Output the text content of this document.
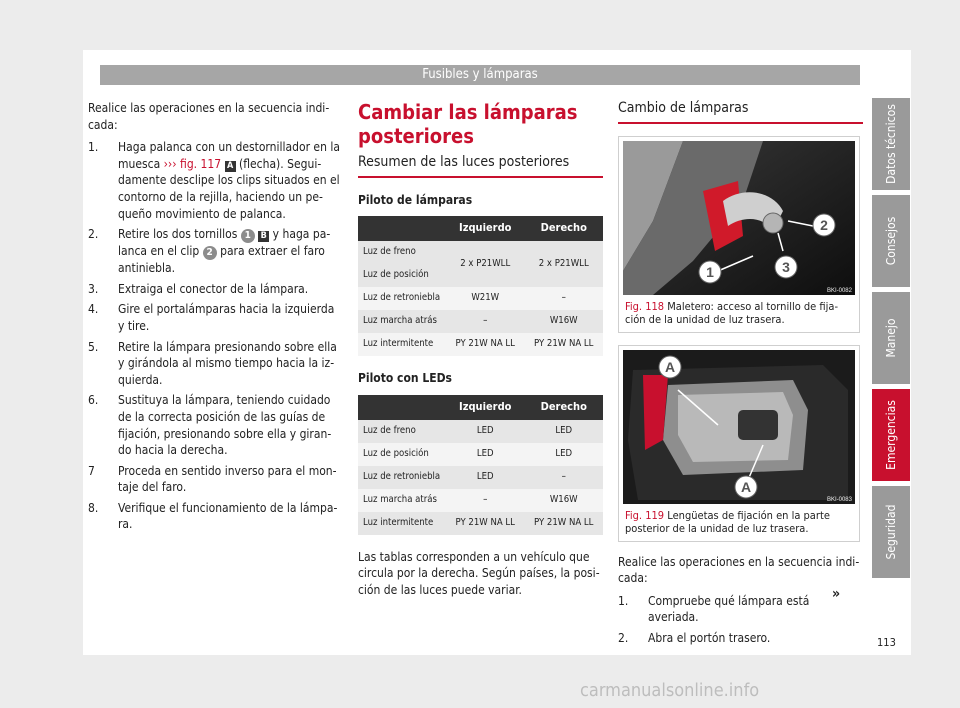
Fusibles y lámparas

Realice las operaciones en la secuencia indicada:

1.	Haga palanca con un destornillador en la muesca ››› fig. 117 A (flecha). Seguidamente desclipe los clips situados en el contorno de la rejilla, haciendo un pequeño movimiento de palanca.
2.	Retire los dos tornillos 1 B y haga palanca en el clip 2 para extraer el faro antiniebla.
3.	Extraiga el conector de la lámpara.
4.	Gire el portalámparas hacia la izquierda y tire.
5.	Retire la lámpara presionando sobre ella y girándola al mismo tiempo hacia la izquierda.
6.	Sustituya la lámpara, teniendo cuidado de la correcta posición de las guías de fijación, presionando sobre ella y girando hacia la derecha.
7	Proceda en sentido inverso para el montaje del faro.
8.	Verifique el funcionamiento de la lámpara.
Cambiar las lámparas posteriores
Resumen de las luces posteriores
Piloto de lámparas
	Izquierdo	Derecho
Luz de freno	2 x P21WLL	2 x P21WLL
Luz de posición		
Luz de retroniebla	W21W	–
Luz marcha atrás	–	W16W
Luz intermitente	PY 21W NA LL	PY 21W NA LL
Piloto con LEDs
	Izquierdo	Derecho
Luz de freno	LED	LED
Luz de posición	LED	LED
Luz de retroniebla	LED	–
Luz marcha atrás	–	W16W
Luz intermitente	PY 21W NA LL	PY 21W NA LL

Las tablas corresponden a un vehículo que circula por la derecha. Según países, la posición de las luces puede variar.

Cambio de lámparas
1	3
2
BKI-0082
Fig. 118 Maletero: acceso al tornillo de fijación de la unidad de luz trasera.
A
A
BKI-0083
Fig. 119 Lengüetas de fijación en la parte posterior de la unidad de luz trasera.

Realice las operaciones en la secuencia indicada:

1.	Compruebe qué lámpara está averiada.
2.	Abra el portón trasero.
»
Datos técnicos
Consejos
Manejo
Emergencias
Seguridad
113
carmanualsonline.info
